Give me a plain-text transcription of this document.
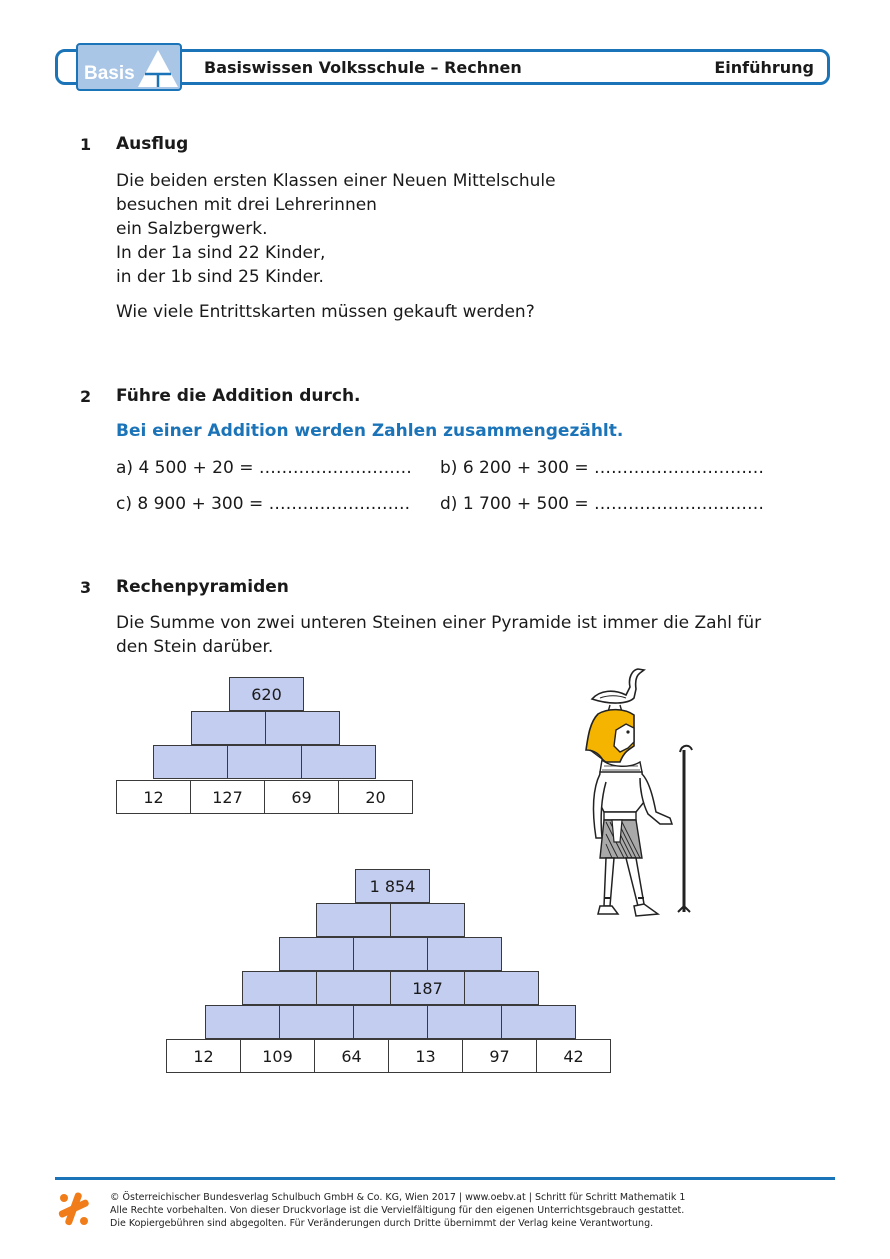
Basis	Basiswissen Volksschule – Rechnen	Einführung
1 Ausflug
Die beiden ersten Klassen einer Neuen Mittelschule
besuchen mit drei Lehrerinnen
ein Salzbergwerk.
In der 1a sind 22 Kinder,
in der 1b sind 25 Kinder.
Wie viele Entrittskarten müssen gekauft werden?
2 Führe die Addition durch.
Bei einer Addition werden Zahlen zusammengezählt.
a) 4 500 + 20 = ……………………… b) 6 200 + 300 = …………………………
c) 8 900 + 300 = ……………………. d) 1 700 + 500 = …………………………
3 Rechenpyramiden
Die Summe von zwei unteren Steinen einer Pyramide ist immer die Zahl für
den Stein darüber.
620
12	127	69	20
1 854
187
12	109	64	13	97	42
© Österreichischer Bundesverlag Schulbuch GmbH & Co. KG, Wien 2017 | www.oebv.at | Schritt für Schritt Mathematik 1
Alle Rechte vorbehalten. Von dieser Druckvorlage ist die Vervielfältigung für den eigenen Unterrichtsgebrauch gestattet.
Die Kopiergebühren sind abgegolten. Für Veränderungen durch Dritte übernimmt der Verlag keine Verantwortung.
